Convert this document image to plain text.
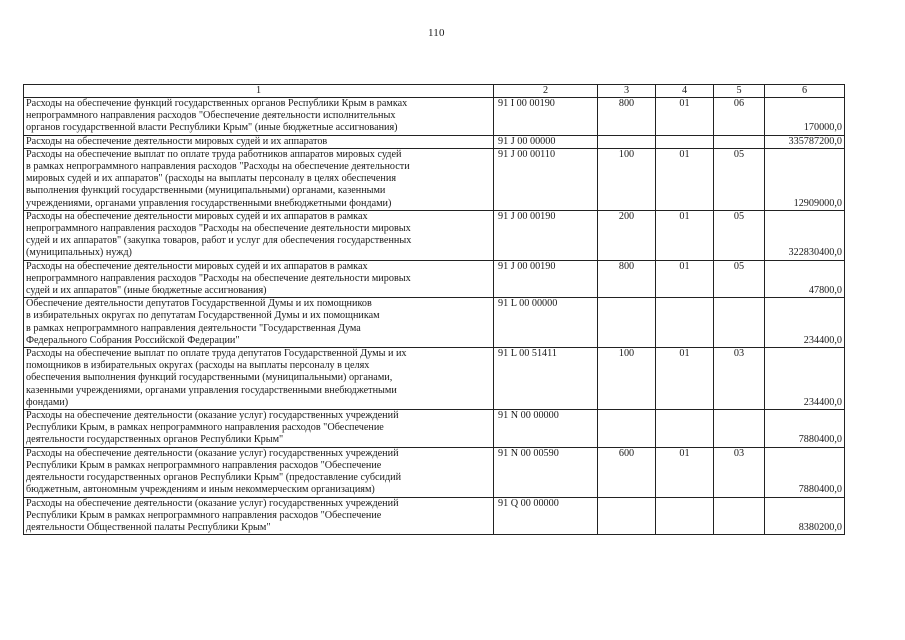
110
1	2	3	4	5	6
Расходы на обеспечение функций государственных органов Республики Крым в рамках
непрограммного направления расходов "Обеспечение деятельности исполнительных
органов государственной власти Республики Крым" (иные бюджетные ассигнования)	91 I 00 00190	800	01	06	170000,0
Расходы на обеспечение деятельности мировых судей и их аппаратов	91 J 00 00000				335787200,0
Расходы на обеспечение выплат по оплате труда работников аппаратов мировых судей
в рамках непрограммного направления расходов "Расходы на обеспечение деятельности
мировых судей и их аппаратов" (расходы на выплаты персоналу в целях обеспечения
выполнения функций государственными (муниципальными) органами, казенными
учреждениями, органами управления государственными внебюджетными фондами)	91 J 00 00110	100	01	05	12909000,0
Расходы на обеспечение деятельности мировых судей и их аппаратов в рамках
непрограммного направления расходов "Расходы на обеспечение деятельности мировых
судей и их аппаратов" (закупка товаров, работ и услуг для обеспечения государственных
(муниципальных) нужд)	91 J 00 00190	200	01	05	322830400,0
Расходы на обеспечение деятельности мировых судей и их аппаратов в рамках
непрограммного направления расходов "Расходы на обеспечение деятельности мировых
судей и их аппаратов" (иные бюджетные ассигнования)	91 J 00 00190	800	01	05	47800,0
Обеспечение деятельности депутатов Государственной Думы и их помощников
в избирательных округах по депутатам Государственной Думы и их помощникам
в рамках непрограммного направления деятельности "Государственная Дума
Федерального Собрания Российской Федерации"	91 L 00 00000				234400,0
Расходы на обеспечение выплат по оплате труда депутатов Государственной Думы и их
помощников в избирательных округах (расходы на выплаты персоналу в целях
обеспечения выполнения функций государственными (муниципальными) органами,
казенными учреждениями, органами управления государственными внебюджетными
фондами)	91 L 00 51411	100	01	03	234400,0
Расходы на обеспечение деятельности (оказание услуг) государственных учреждений
Республики Крым, в рамках непрограммного направления расходов "Обеспечение
деятельности государственных органов Республики Крым"	91 N 00 00000				7880400,0
Расходы на обеспечение деятельности (оказание услуг) государственных учреждений
Республики Крым в рамках непрограммного направления расходов "Обеспечение
деятельности государственных органов Республики Крым" (предоставление субсидий
бюджетным, автономным учреждениям и иным некоммерческим организациям)	91 N 00 00590	600	01	03	7880400,0
Расходы на обеспечение деятельности (оказание услуг) государственных учреждений
Республики Крым в рамках непрограммного направления расходов "Обеспечение
деятельности Общественной палаты Республики Крым"	91 Q 00 00000				8380200,0
